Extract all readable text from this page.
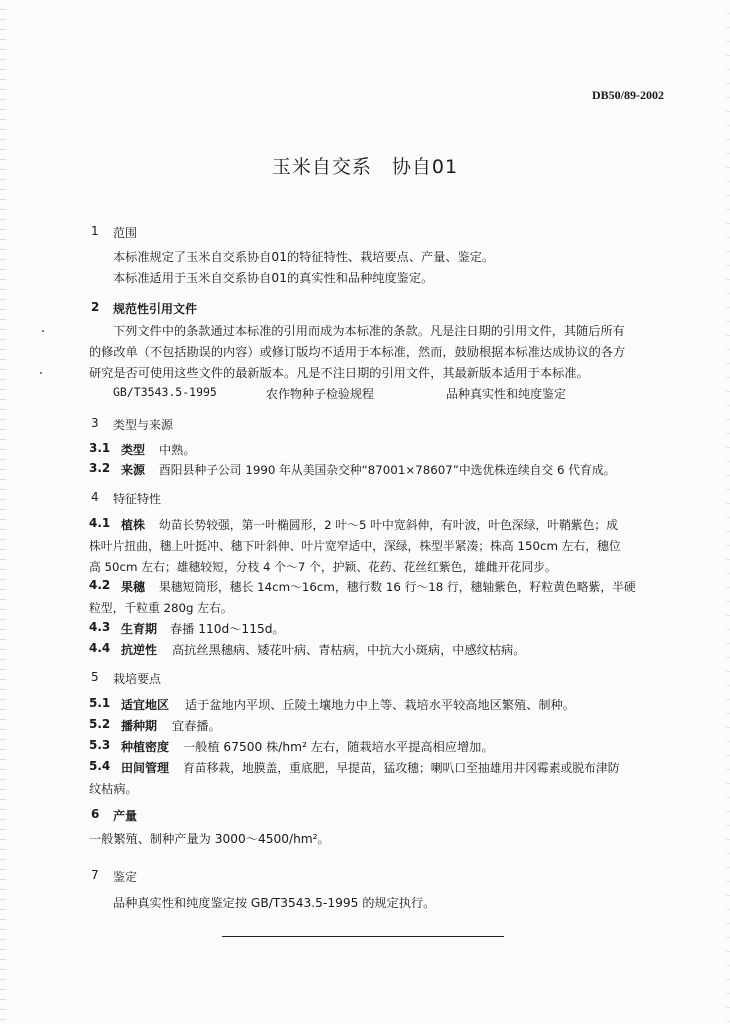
DB50/89-2002
玉米自交系　协自01
1 范围
本标准规定了玉米自交系协自01的特征特性、栽培要点、产量、鉴定。
本标准适用于玉米自交系协自01的真实性和品种纯度鉴定。
2 规范性引用文件
下列文件中的条款通过本标准的引用而成为本标准的条款。凡是注日期的引用文件，其随后所有
的修改单（不包括勘误的内容）或修订版均不适用于本标准，然而，鼓励根据本标准达成协议的各方
研究是否可使用这些文件的最新版本。凡是不注日期的引用文件，其最新版本适用于本标准。
GB/T3543.5-1995	农作物种子检验规程	品种真实性和纯度鉴定
3 类型与来源
3.1 类型 中熟。
3.2 来源 酉阳县种子公司 1990 年从美国杂交种“87001×78607”中选优株连续自交 6 代育成。
4 特征特性
4.1 植株 幼苗长势较强，第一叶椭圆形，2 叶～5 叶中宽斜伸，有叶波，叶色深绿，叶鞘紫色；成
株叶片扭曲，穗上叶挺冲、穗下叶斜伸、叶片宽窄适中，深绿，株型半紧凑；株高 150cm 左右，穗位
高 50cm 左右；雄穗较短，分枝 4 个～7 个，护颖、花药、花丝红紫色，雄雌开花同步。
4.2 果穗 果穗短筒形，穗长 14cm～16cm，穗行数 16 行～18 行，穗轴紫色，籽粒黄色略紫，半硬
粒型，千粒重 280g 左右。
4.3 生育期 春播 110d～115d。
4.4 抗逆性 高抗丝黑穗病、矮花叶病、青枯病，中抗大小斑病，中感纹枯病。
5 栽培要点
5.1 适宜地区 适于盆地内平坝、丘陵土壤地力中上等、栽培水平较高地区繁殖、制种。
5.2 播种期 宜春播。
5.3 种植密度 一般植 67500 株/hm² 左右，随栽培水平提高相应增加。
5.4 田间管理 育苗移栽，地膜盖，重底肥，早提苗，猛攻穗；喇叭口至抽雄用井冈霉素或脱布津防
纹枯病。
6 产量
一般繁殖、制种产量为 3000～4500/hm²。
7 鉴定
品种真实性和纯度鉴定按 GB/T3543.5-1995 的规定执行。
